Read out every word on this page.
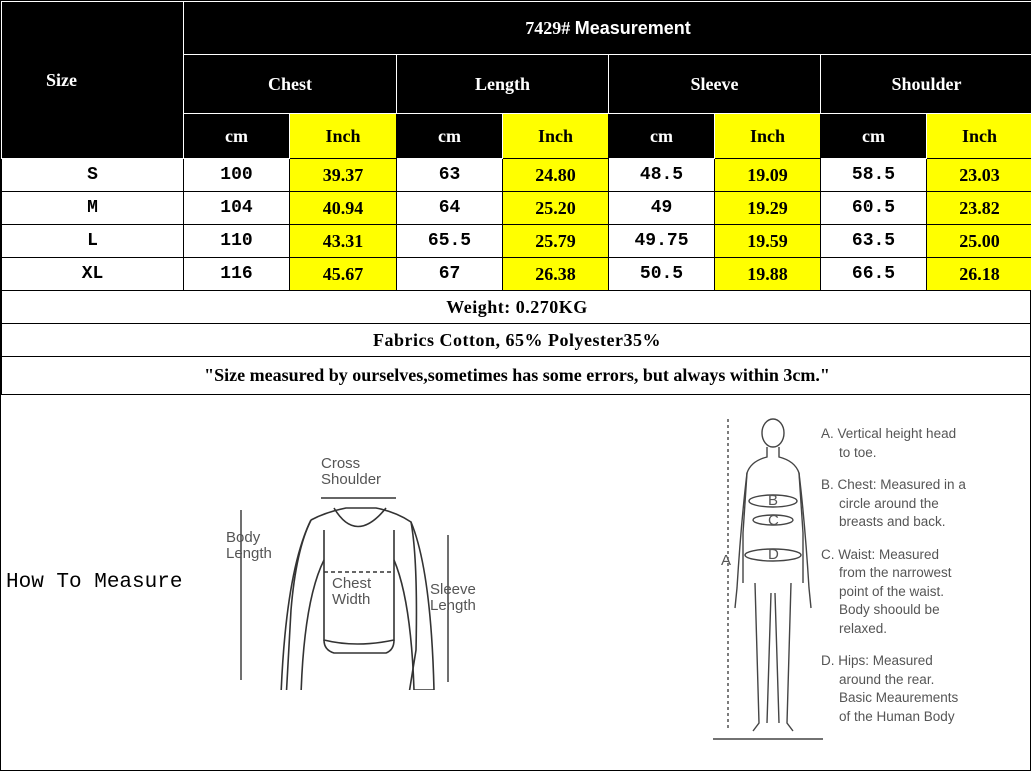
Size	7429# Measurement							
	Chest		Length		Sleeve		Shoulder	
	cm	Inch	cm	Inch	cm	Inch	cm	Inch
S	100	39.37	63	24.80	48.5	19.09	58.5	23.03
M	104	40.94	64	25.20	49	19.29	60.5	23.82
L	110	43.31	65.5	25.79	49.75	19.59	63.5	25.00
XL	116	45.67	67	26.38	50.5	19.88	66.5	26.18
Weight: 0.270KG								
Fabrics Cotton, 65% Polyester35%								
"Size measured by ourselves,sometimes has some errors, but always within 3cm."								
How To Measure
Cross
Shoulder
Body
Length
Chest
Width
Sleeve
Length
B
C
D
A
A. Vertical height head
to toe.
B. Chest: Measured in a
circle around the
breasts and back.
C. Waist: Measured
from the narrowest
point of the waist.
Body shoould be
relaxed.
D. Hips: Measured
around the rear.
Basic Meaurements
of the Human Body
